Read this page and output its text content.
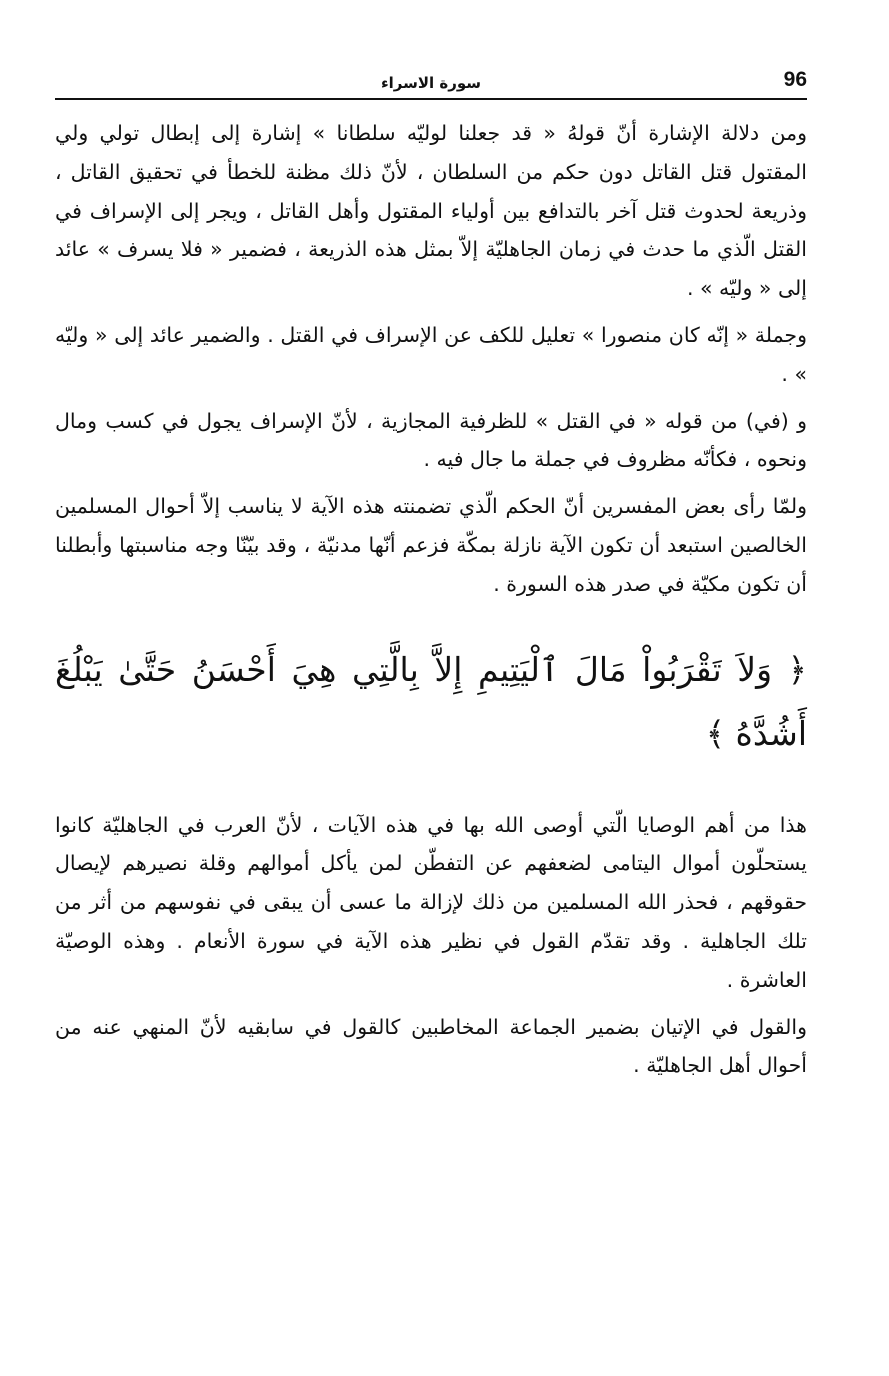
96
سورة الاسراء

ومن دلالة الإشارة أنّ قولهُ « قد جعلنا لوليّه سلطانا » إشارة إلى إبطال تولي ولي المقتول قتل القاتل دون حكم من السلطان ، لأنّ ذلك مظنة للخطأ في تحقيق القاتل ، وذريعة لحدوث قتل آخر بالتدافع بين أولياء المقتول وأهل القاتل ، ويجر إلى الإسراف في القتل الّذي ما حدث في زمان الجاهليّة إلاّ بمثل هذه الذريعة ، فضمير « فلا يسرف » عائد إلى « وليّه » .

وجملة « إنّه كان منصورا » تعليل للكف عن الإسراف في القتل . والضمير عائد إلى « وليّه » .

و (في) من قوله « في القتل » للظرفية المجازية ، لأنّ الإسراف يجول في كسب ومال ونحوه ، فكأنّه مظروف في جملة ما جال فيه .

ولمّا رأى بعض المفسرين أنّ الحكم الّذي تضمنته هذه الآية لا يناسب إلاّ أحوال المسلمين الخالصين استبعد أن تكون الآية نازلة بمكّة فزعم أنّها مدنيّة ، وقد بيّنّا وجه مناسبتها وأبطلنا أن تكون مكيّة في صدر هذه السورة .

﴿ وَلاَ تَقْرَبُواْ مَالَ ٱلْيَتِيمِ إِلاَّ بِالَّتِي هِيَ أَحْسَنُ حَتَّىٰ يَبْلُغَ أَشُدَّهُ ﴾

هذا من أهم الوصايا الّتي أوصى الله بها في هذه الآيات ، لأنّ العرب في الجاهليّة كانوا يستحلّون أموال اليتامى لضعفهم عن التفطّن لمن يأكل أموالهم وقلة نصيرهم لإيصال حقوقهم ، فحذر الله المسلمين من ذلك لإزالة ما عسى أن يبقى في نفوسهم من أثر من تلك الجاهلية . وقد تقدّم القول في نظير هذه الآية في سورة الأنعام . وهذه الوصيّة العاشرة .

والقول في الإتيان بضمير الجماعة المخاطبين كالقول في سابقيه لأنّ المنهي عنه من أحوال أهل الجاهليّة .
